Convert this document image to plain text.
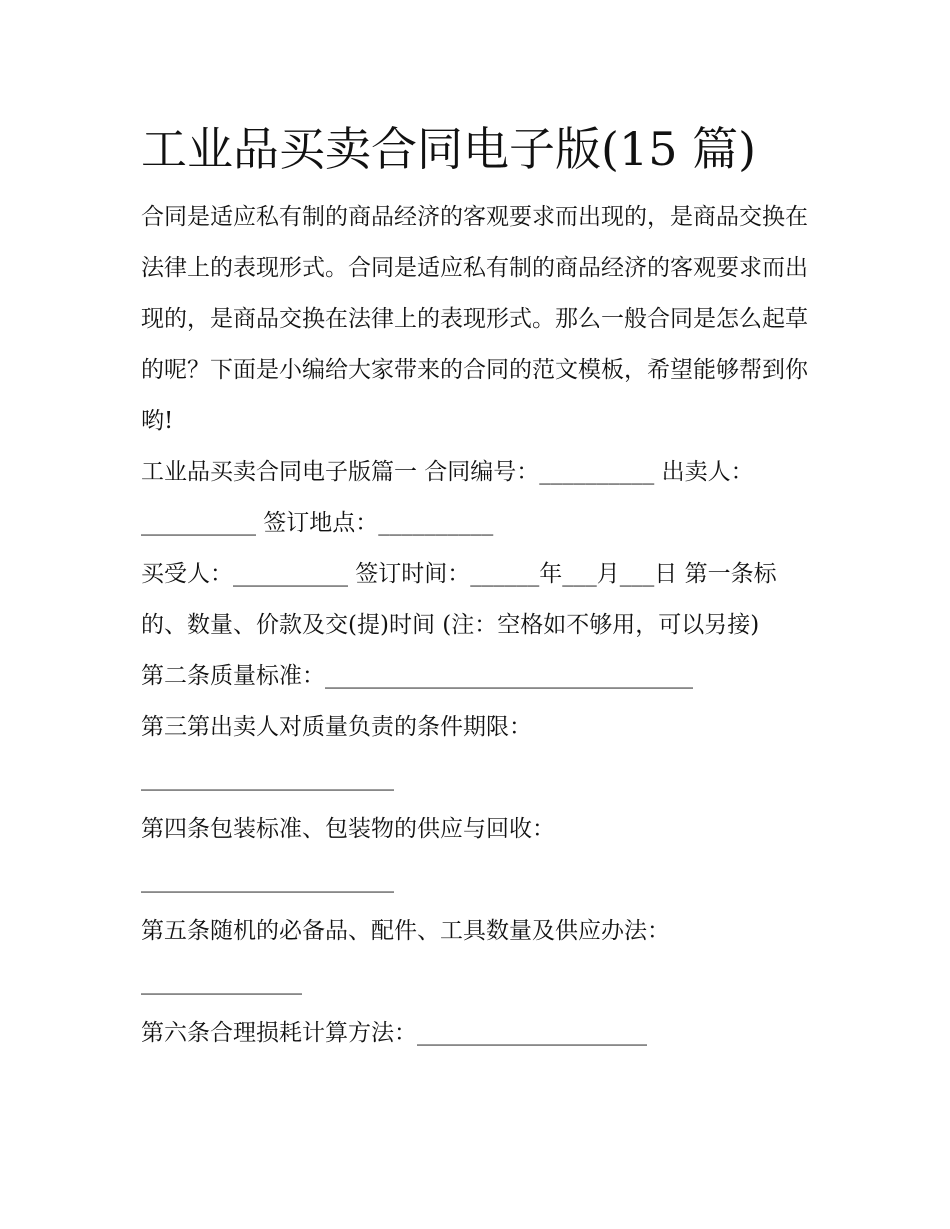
工业品买卖合同电子版(15 篇)

合同是适应私有制的商品经济的客观要求而出现的，是商品交换在法律上的表现形式。合同是适应私有制的商品经济的客观要求而出现的，是商品交换在法律上的表现形式。那么一般合同是怎么起草的呢？下面是小编给大家带来的合同的范文模板，希望能够帮到你哟!

工业品买卖合同电子版篇一 合同编号：__________ 出卖人：__________ 签订地点：__________

买受人：__________ 签订时间：______年___月___日 第一条标的、数量、价款及交(提)时间 (注：空格如不够用，可以另接)

第二条质量标准：________________________________

第三第出卖人对质量负责的条件期限：

______________________

第四条包装标准、包装物的供应与回收：

______________________

第五条随机的必备品、配件、工具数量及供应办法：

______________

第六条合理损耗计算方法：____________________
